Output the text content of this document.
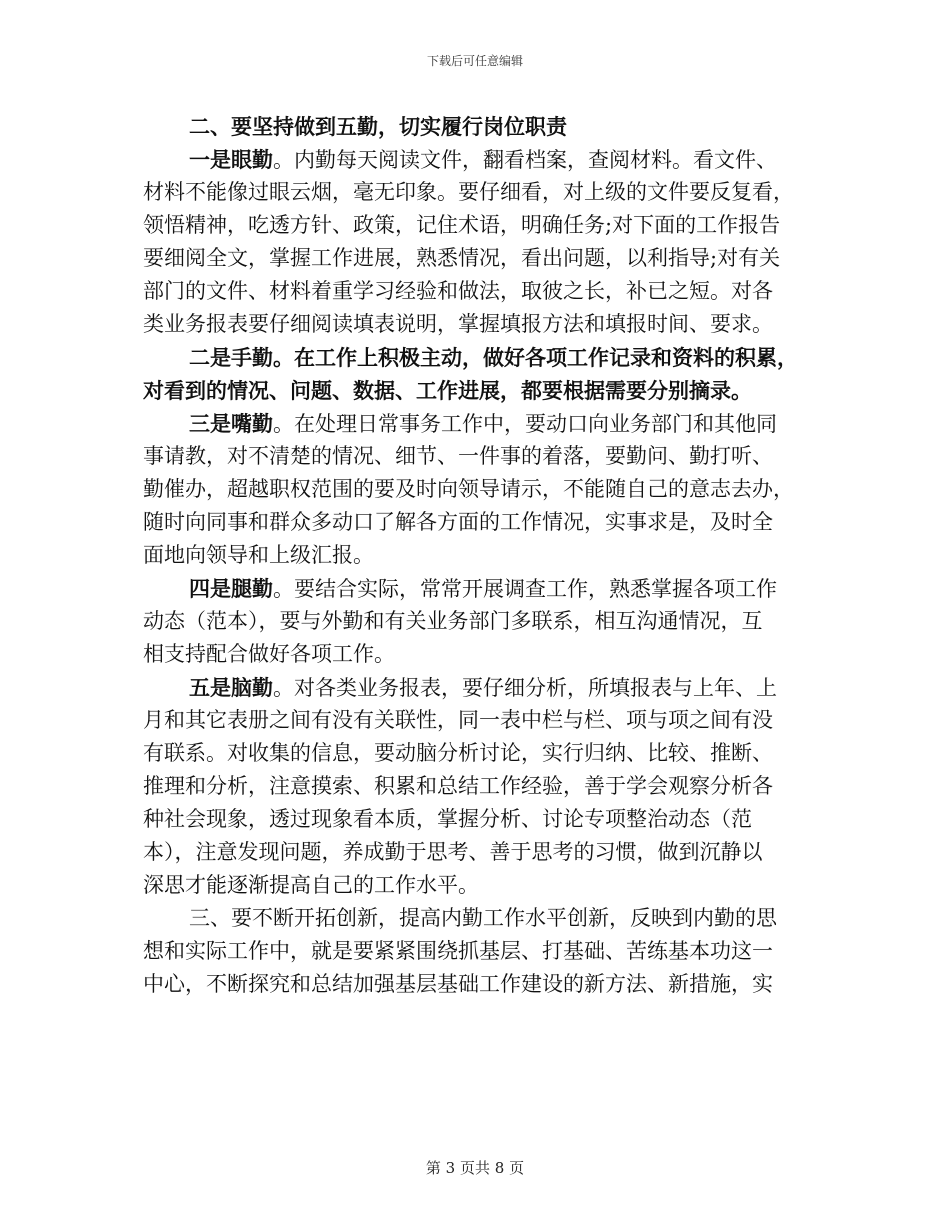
下载后可任意编辑
二、要坚持做到五勤，切实履行岗位职责
一是眼勤。内勤每天阅读文件，翻看档案，查阅材料。看文件、
材料不能像过眼云烟，毫无印象。要仔细看，对上级的文件要反复看，
领悟精神，吃透方针、政策，记住术语，明确任务;对下面的工作报告
要细阅全文，掌握工作进展，熟悉情况，看出问题，以利指导;对有关
部门的文件、材料着重学习经验和做法，取彼之长，补已之短。对各
类业务报表要仔细阅读填表说明，掌握填报方法和填报时间、要求。
二是手勤。在工作上积极主动，做好各项工作记录和资料的积累，
对看到的情况、问题、数据、工作进展，都要根据需要分别摘录。
三是嘴勤。在处理日常事务工作中，要动口向业务部门和其他同
事请教，对不清楚的情况、细节、一件事的着落，要勤问、勤打听、
勤催办，超越职权范围的要及时向领导请示，不能随自己的意志去办，
随时向同事和群众多动口了解各方面的工作情况，实事求是，及时全
面地向领导和上级汇报。
四是腿勤。要结合实际，常常开展调查工作，熟悉掌握各项工作
动态（范本），要与外勤和有关业务部门多联系，相互沟通情况，互
相支持配合做好各项工作。
五是脑勤。对各类业务报表，要仔细分析，所填报表与上年、上
月和其它表册之间有没有关联性，同一表中栏与栏、项与项之间有没
有联系。对收集的信息，要动脑分析讨论，实行归纳、比较、推断、
推理和分析，注意摸索、积累和总结工作经验，善于学会观察分析各
种社会现象，透过现象看本质，掌握分析、讨论专项整治动态（范
本），注意发现问题，养成勤于思考、善于思考的习惯，做到沉静以
深思才能逐渐提高自己的工作水平。
三、要不断开拓创新，提高内勤工作水平创新，反映到内勤的思
想和实际工作中，就是要紧紧围绕抓基层、打基础、苦练基本功这一
中心，不断探究和总结加强基层基础工作建设的新方法、新措施，实
第 3 页共 8 页
